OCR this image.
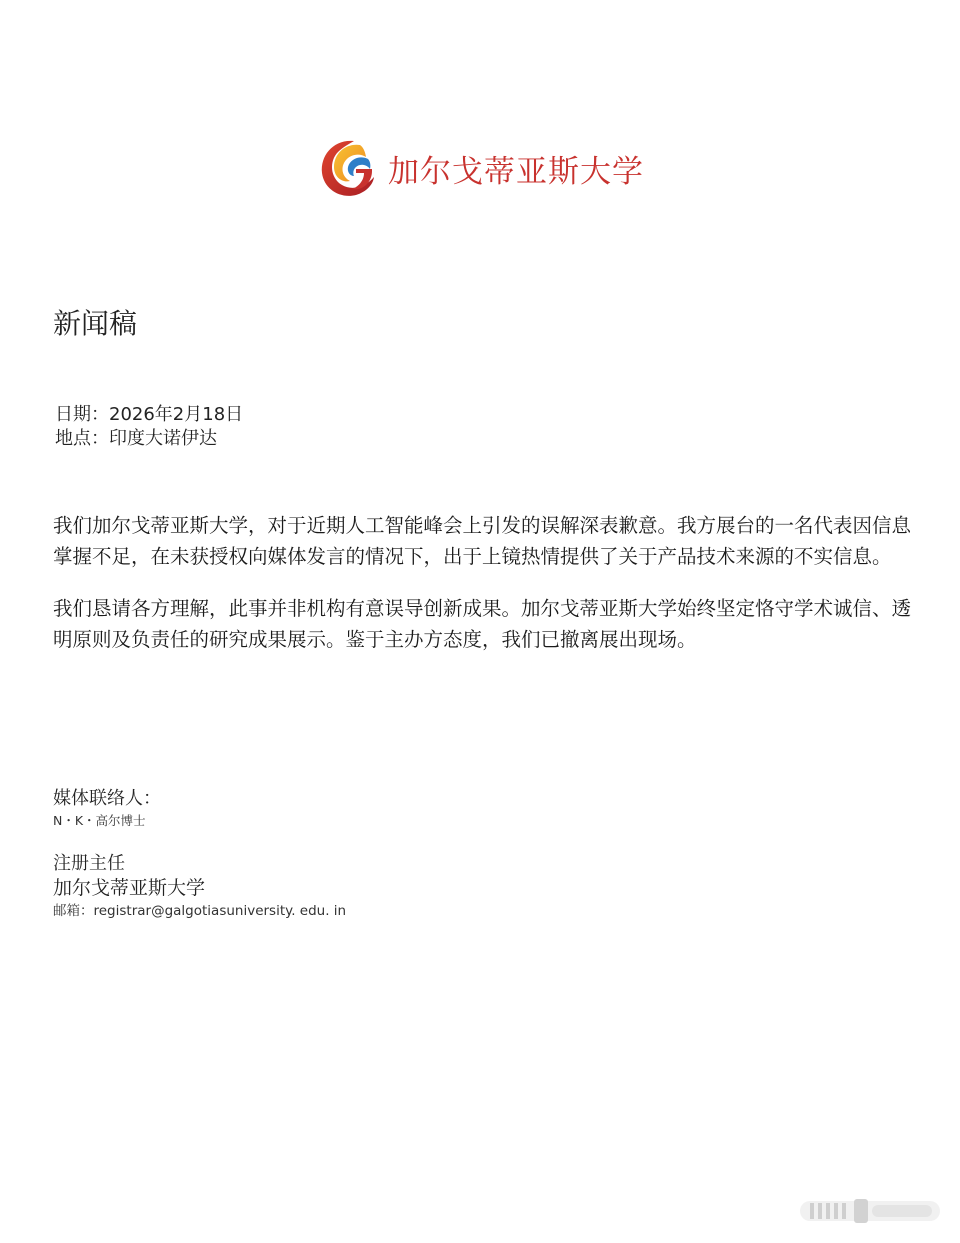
加尔戈蒂亚斯大学
新闻稿
日期：2026年2月18日
地点：印度大诺伊达

我们加尔戈蒂亚斯大学，对于近期人工智能峰会上引发的误解深表歉意。我方展台的一名代表因信息掌握不足，在未获授权向媒体发言的情况下，出于上镜热情提供了关于产品技术来源的不实信息。

我们恳请各方理解，此事并非机构有意误导创新成果。加尔戈蒂亚斯大学始终坚定恪守学术诚信、透明原则及负责任的研究成果展示。鉴于主办方态度，我们已撤离展出现场。

媒体联络人：
N・K・高尔博士
注册主任
加尔戈蒂亚斯大学
邮箱：registrar@galgotiasuniversity. edu. in
